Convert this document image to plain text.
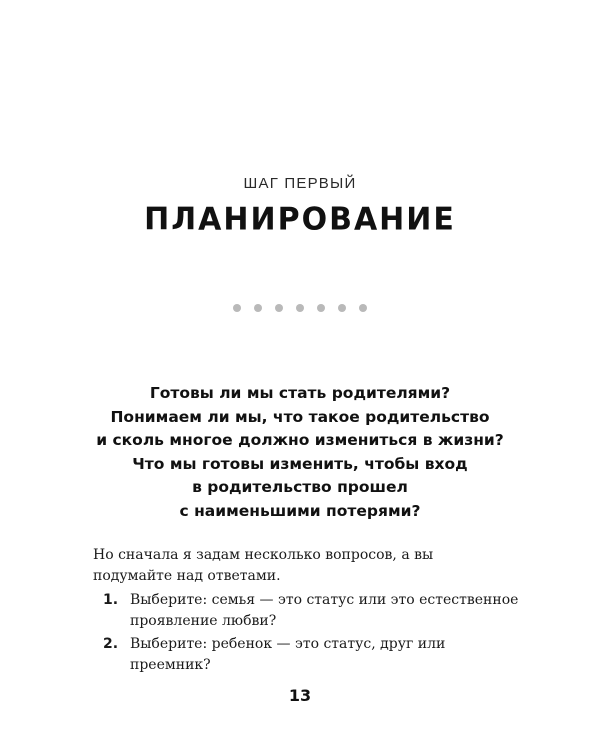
ШАГ ПЕРВЫЙ
ПЛАНИРОВАНИЕ
Готовы ли мы стать родителями?
Понимаем ли мы, что такое родительство
и сколь многое должно измениться в жизни?
Что мы готовы изменить, чтобы вход
в родительство прошел
с наименьшими потерями?
Но сначала я задам несколько вопросов, а вы подумайте над ответами.
1. Выберите: семья — это статус или это естественное проявление любви?
2. Выберите: ребенок — это статус, друг или преемник?
13
